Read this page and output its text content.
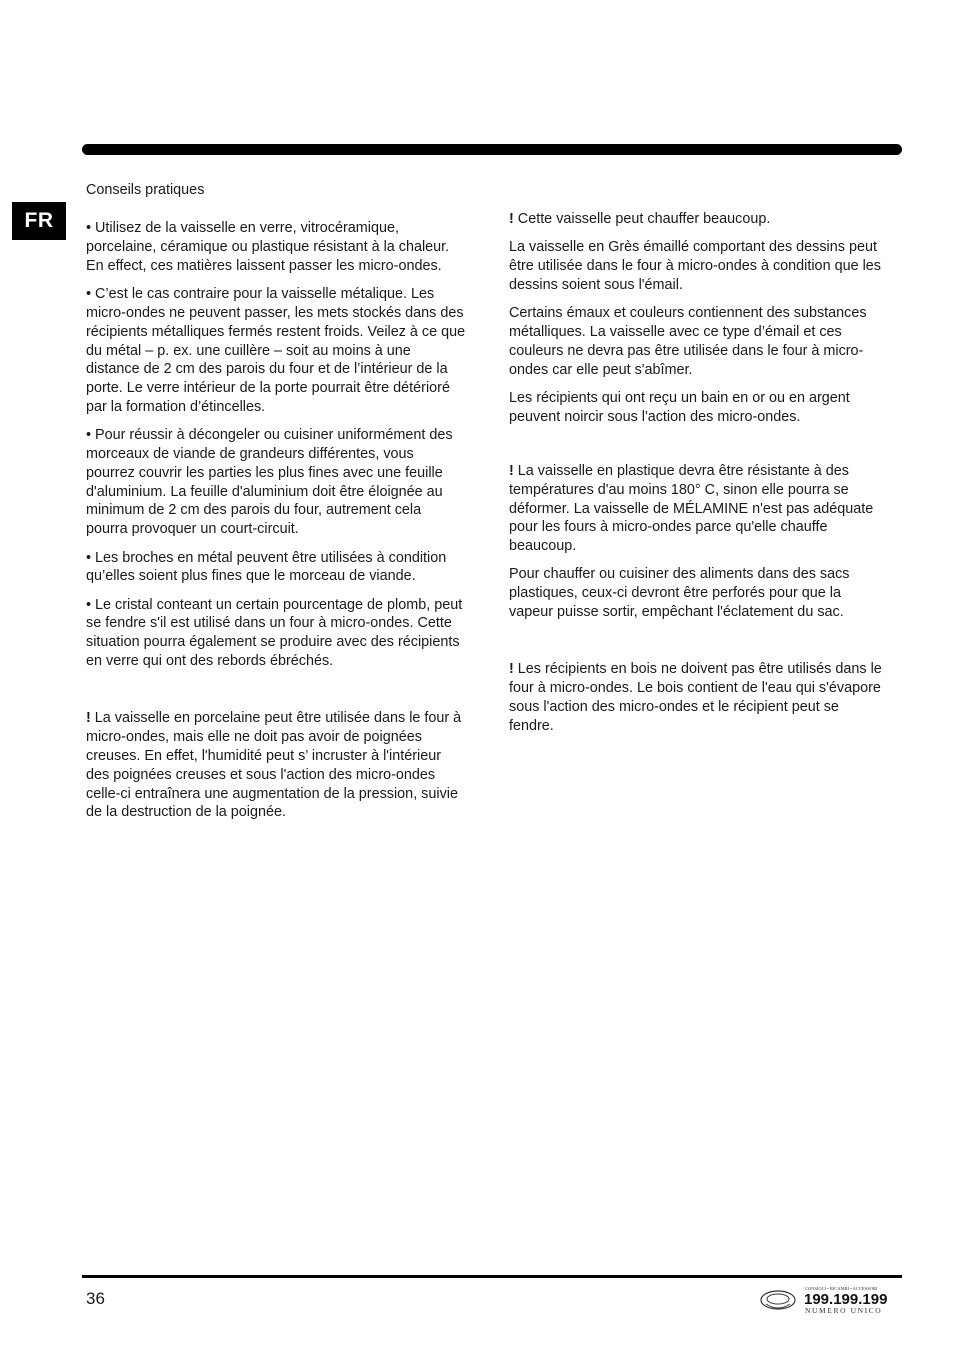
FR

Conseils pratiques

• Utilisez de la vaisselle en verre, vitrocéramique, porcelaine, céramique ou plastique résistant à la chaleur. En effect, ces matières laissent passer les micro-ondes.

• C’est le cas contraire pour la vaisselle métalique. Les micro-ondes ne peuvent passer, les mets stockés dans des récipients métalliques fermés restent froids. Veilez à ce que du métal – p. ex. une cuillère – soit au moins à une distance de 2 cm des parois du four et de l’intérieur de la porte. Le verre intérieur de la porte pourrait être détérioré par la formation d’étincelles.

• Pour réussir à décongeler ou cuisiner uniformément des morceaux de viande de grandeurs différentes, vous pourrez couvrir les parties les plus fines avec une feuille d'aluminium. La feuille d'aluminium doit être éloignée au minimum de 2 cm des parois du four, autrement cela pourra provoquer un court-circuit.

• Les broches en métal peuvent être utilisées à condition qu’elles soient plus fines que le morceau de viande.

• Le cristal conteant un certain pourcentage de plomb, peut se fendre s'il est utilisé dans un four à micro-ondes. Cette situation pourra également se produire avec des récipients en verre qui ont des rebords ébréchés.

! La vaisselle en porcelaine peut être utilisée dans le four à micro-ondes, mais elle ne doit pas avoir de poignées creuses. En effet, l'humidité peut s’ incruster à l'intérieur des poignées creuses et sous l'action des micro-ondes celle-ci entraînera une augmentation de la pression, suivie de la destruction de la poignée.

! Cette vaisselle peut chauffer beaucoup.

La vaisselle en Grès émaillé comportant des dessins peut être utilisée dans le four à micro-ondes à condition que les dessins soient sous l'émail.

Certains émaux et couleurs contiennent des substances métalliques. La vaisselle avec ce type d’émail et ces couleurs ne devra pas être utilisée dans le four à micro-ondes car elle peut s'abîmer.

Les récipients qui ont reçu un bain en or ou en argent peuvent noircir sous l'action des micro-ondes.

! La vaisselle en plastique devra être résistante à des températures d'au moins 180° C, sinon elle pourra se déformer. La vaisselle de MÉLAMINE n'est pas adéquate pour les fours à micro-ondes parce qu'elle chauffe beaucoup.

Pour chauffer ou cuisiner des aliments dans des sacs plastiques, ceux-ci devront être perforés pour que la vapeur puisse sortir, empêchant l'éclatement du sac.

! Les récipients en bois ne doivent pas être utilisés dans le four à micro-ondes. Le bois contient de l'eau qui s'évapore sous l'action des micro-ondes et le récipient peut se fendre.

36
CONSIGLI • RICAMBI • ACCESSORI
199.199.199
NUMERO UNICO
